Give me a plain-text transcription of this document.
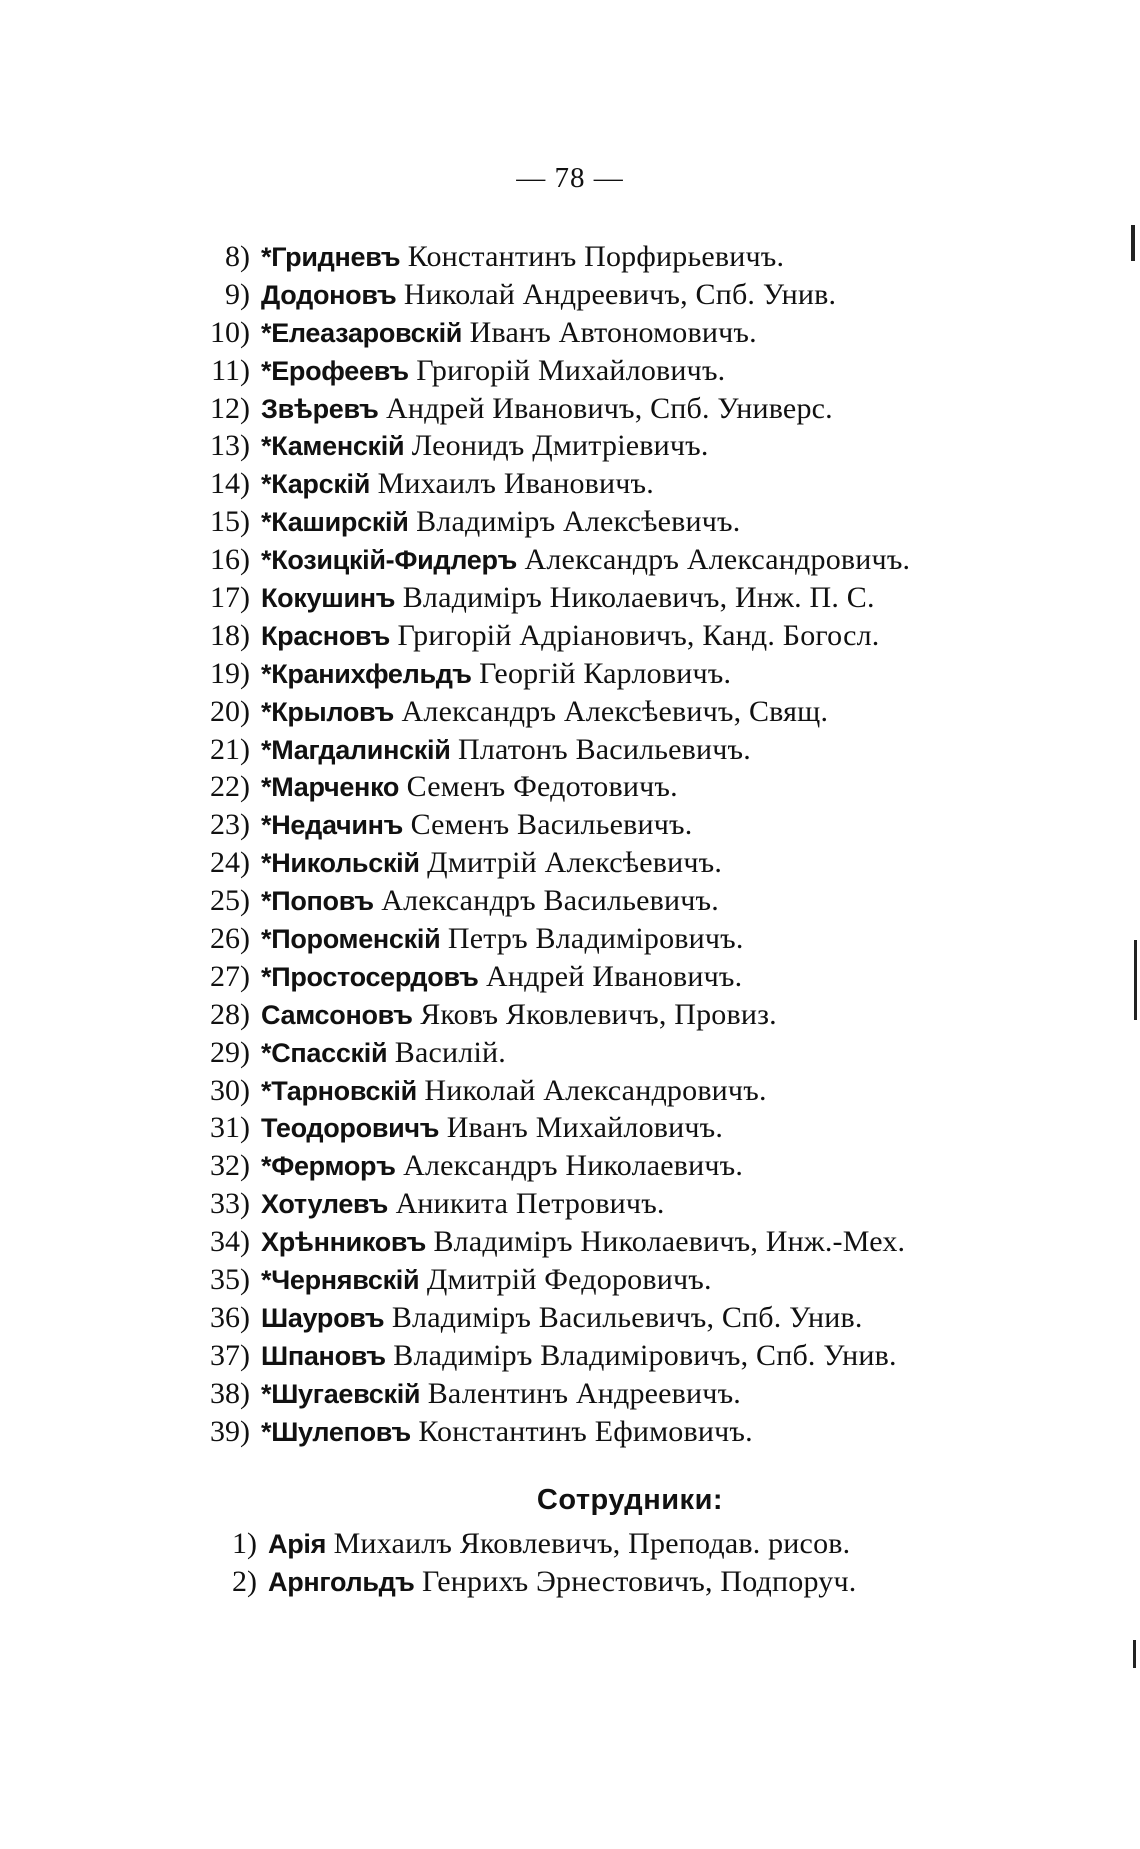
— 78 —
8) *Гридневъ Константинъ Порфирьевичъ.
9) Додоновъ Николай Андреевичъ, Спб. Унив.
10) *Елеазаровскій Иванъ Автономовичъ.
11) *Ерофеевъ Григорій Михайловичъ.
12) Звѣревъ Андрей Ивановичъ, Спб. Универс.
13) *Каменскій Леонидъ Дмитріевичъ.
14) *Карскій Михаилъ Ивановичъ.
15) *Каширскій Владиміръ Алексѣевичъ.
16) *Козицкій-Фидлеръ Александръ Александровичъ.
17) Кокушинъ Владиміръ Николаевичъ, Инж. П. С.
18) Красновъ Григорій Адріановичъ, Канд. Богосл.
19) *Кранихфельдъ Георгій Карловичъ.
20) *Крыловъ Александръ Алексѣевичъ, Свящ.
21) *Магдалинскій Платонъ Васильевичъ.
22) *Марченко Семенъ Федотовичъ.
23) *Недачинъ Семенъ Васильевичъ.
24) *Никольскій Дмитрій Алексѣевичъ.
25) *Поповъ Александръ Васильевичъ.
26) *Пороменскій Петръ Владиміровичъ.
27) *Простосердовъ Андрей Ивановичъ.
28) Самсоновъ Яковъ Яковлевичъ, Провиз.
29) *Спасскій Василій.
30) *Тарновскій Николай Александровичъ.
31) Теодоровичъ Иванъ Михайловичъ.
32) *Ферморъ Александръ Николаевичъ.
33) Хотулевъ Аникита Петровичъ.
34) Хрѣнниковъ Владиміръ Николаевичъ, Инж.-Мех.
35) *Чернявскій Дмитрій Федоровичъ.
36) Шауровъ Владиміръ Васильевичъ, Спб. Унив.
37) Шпановъ Владиміръ Владиміровичъ, Спб. Унив.
38) *Шугаевскій Валентинъ Андреевичъ.
39) *Шулеповъ Константинъ Ефимовичъ.
Сотрудники:
1) Арія Михаилъ Яковлевичъ, Преподав. рисов.
2) Арнгольдъ Генрихъ Эрнестовичъ, Подпоруч.
